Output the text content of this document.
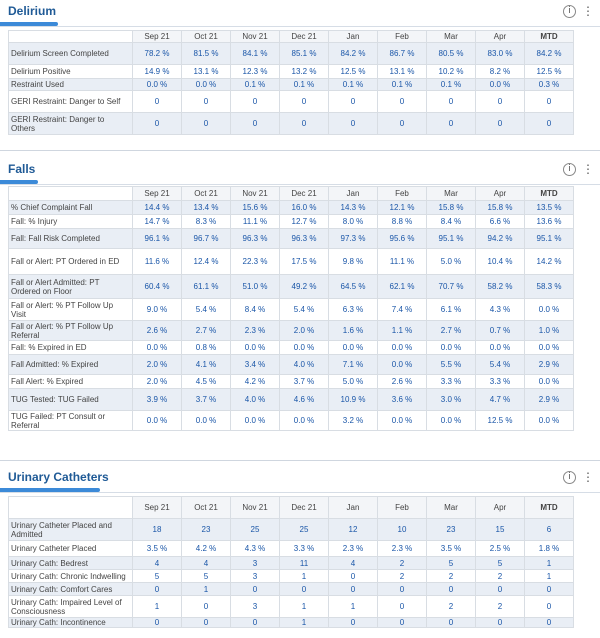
Delirium	i ⋮
	Sep 21	Oct 21	Nov 21	Dec 21	Jan	Feb	Mar	Apr	MTD
Delirium Screen Completed	78.2 %	81.5 %	84.1 %	85.1 %	84.2 %	86.7 %	80.5 %	83.0 %	84.2 %
Delirium Positive	14.9 %	13.1 %	12.3 %	13.2 %	12.5 %	13.1 %	10.2 %	8.2 %	12.5 %
Restraint Used	0.0 %	0.0 %	0.1 %	0.1 %	0.1 %	0.1 %	0.1 %	0.0 %	0.3 %
GERI Restraint: Danger to Self	0	0	0	0	0	0	0	0	0
GERI Restraint: Danger to Others	0	0	0	0	0	0	0	0	0
Falls	i ⋮
	Sep 21	Oct 21	Nov 21	Dec 21	Jan	Feb	Mar	Apr	MTD
% Chief Complaint Fall	14.4 %	13.4 %	15.6 %	16.0 %	14.3 %	12.1 %	15.8 %	15.8 %	13.5 %
Fall: % Injury	14.7 %	8.3 %	11.1 %	12.7 %	8.0 %	8.8 %	8.4 %	6.6 %	13.6 %
Fall: Fall Risk Completed	96.1 %	96.7 %	96.3 %	96.3 %	97.3 %	95.6 %	95.1 %	94.2 %	95.1 %
Fall or Alert: PT Ordered in ED	11.6 %	12.4 %	22.3 %	17.5 %	9.8 %	11.1 %	5.0 %	10.4 %	14.2 %
Fall or Alert Admitted: PT Ordered on Floor	60.4 %	61.1 %	51.0 %	49.2 %	64.5 %	62.1 %	70.7 %	58.2 %	58.3 %
Fall or Alert: % PT Follow Up Visit	9.0 %	5.4 %	8.4 %	5.4 %	6.3 %	7.4 %	6.1 %	4.3 %	0.0 %
Fall or Alert: % PT Follow Up Referral	2.6 %	2.7 %	2.3 %	2.0 %	1.6 %	1.1 %	2.7 %	0.7 %	1.0 %
Fall: % Expired in ED	0.0 %	0.8 %	0.0 %	0.0 %	0.0 %	0.0 %	0.0 %	0.0 %	0.0 %
Fall Admitted: % Expired	2.0 %	4.1 %	3.4 %	4.0 %	7.1 %	0.0 %	5.5 %	5.4 %	2.9 %
Fall Alert: % Expired	2.0 %	4.5 %	4.2 %	3.7 %	5.0 %	2.6 %	3.3 %	3.3 %	0.0 %
TUG Tested: TUG Failed	3.9 %	3.7 %	4.0 %	4.6 %	10.9 %	3.6 %	3.0 %	4.7 %	2.9 %
TUG Failed: PT Consult or Referral	0.0 %	0.0 %	0.0 %	0.0 %	3.2 %	0.0 %	0.0 %	12.5 %	0.0 %
Urinary Catheters	i ⋮
	Sep 21	Oct 21	Nov 21	Dec 21	Jan	Feb	Mar	Apr	MTD
Urinary Catheter Placed and Admitted	18	23	25	25	12	10	23	15	6
Urinary Catheter Placed	3.5 %	4.2 %	4.3 %	3.3 %	2.3 %	2.3 %	3.5 %	2.5 %	1.8 %
Urinary Cath: Bedrest	4	4	3	11	4	2	5	5	1
Urinary Cath: Chronic Indwelling	5	5	3	1	0	2	2	2	1
Urinary Cath: Comfort Cares	0	1	0	0	0	0	0	0	0
Urinary Cath: Impaired Level of Consciousness	1	0	3	1	1	0	2	2	0
Urinary Cath: Incontinence	0	0	0	1	0	0	0	0	0
